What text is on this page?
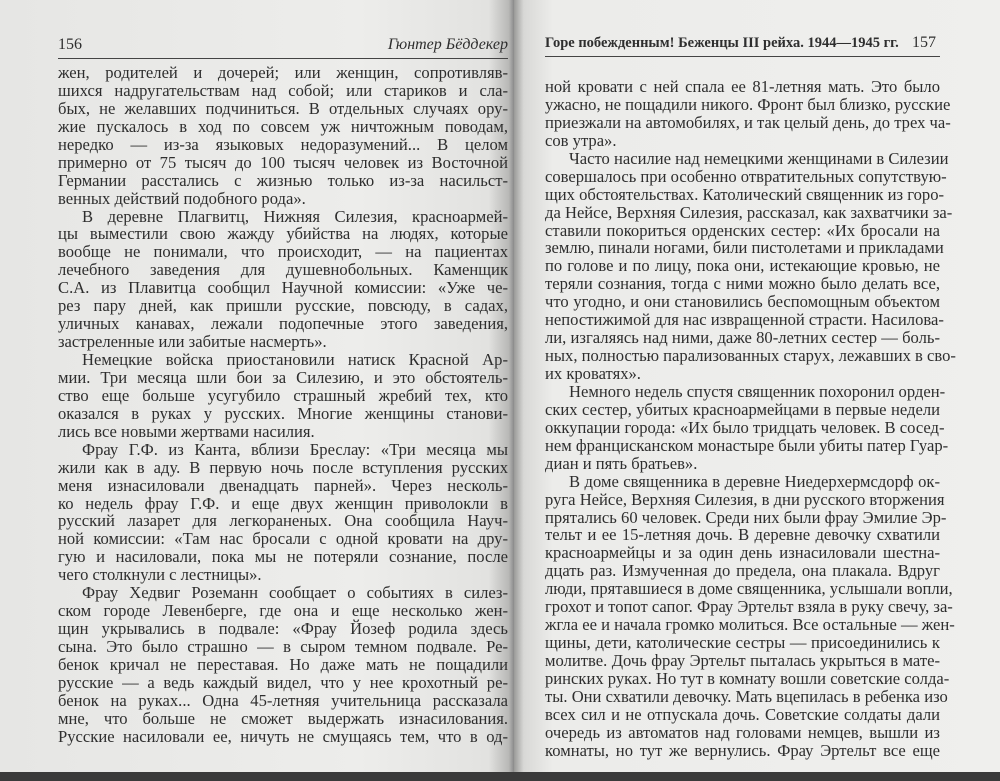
156	Гюнтер Бёддекер
жен, родителей и дочерей; или женщин, сопротивляв-
шихся надругательствам над собой; или стариков и сла-
бых, не желавших подчиниться. В отдельных случаях ору-
жие пускалось в ход по совсем уж ничтожным поводам,
нередко — из-за языковых недоразумений... В целом
примерно от 75 тысяч до 100 тысяч человек из Восточной
Германии расстались с жизнью только из-за насильст-
венных действий подобного рода».
В деревне Плагвитц, Нижняя Силезия, красноармей-
цы выместили свою жажду убийства на людях, которые
вообще не понимали, что происходит, — на пациентах
лечебного заведения для душевнобольных. Каменщик
С.А. из Плавитца сообщил Научной комиссии: «Уже че-
рез пару дней, как пришли русские, повсюду, в садах,
уличных канавах, лежали подопечные этого заведения,
застреленные или забитые насмерть».
Немецкие войска приостановили натиск Красной Ар-
мии. Три месяца шли бои за Силезию, и это обстоятель-
ство еще больше усугубило страшный жребий тех, кто
оказался в руках у русских. Многие женщины станови-
лись все новыми жертвами насилия.
Фрау Г.Ф. из Канта, вблизи Бреслау: «Три месяца мы
жили как в аду. В первую ночь после вступления русских
меня изнасиловали двенадцать парней». Через несколь-
ко недель фрау Г.Ф. и еще двух женщин приволокли в
русский лазарет для легкораненых. Она сообщила Науч-
ной комиссии: «Там нас бросали с одной кровати на дру-
гую и насиловали, пока мы не потеряли сознание, после
чего столкнули с лестницы».
Фрау Хедвиг Роземанн сообщает о событиях в силез-
ском городе Левенберге, где она и еще несколько жен-
щин укрывались в подвале: «Фрау Йозеф родила здесь
сына. Это было страшно — в сыром темном подвале. Ре-
бенок кричал не переставая. Но даже мать не пощадили
русские — а ведь каждый видел, что у нее крохотный ре-
бенок на руках... Одна 45-летняя учительница рассказала
мне, что больше не сможет выдержать изнасилования.
Русские насиловали ее, ничуть не смущаясь тем, что в од-
Горе побежденным! Беженцы III рейха. 1944—1945 гг. 157
ной кровати с ней спала ее 81-летняя мать. Это было
ужасно, не пощадили никого. Фронт был близко, русские
приезжали на автомобилях, и так целый день, до трех ча-
сов утра».
Часто насилие над немецкими женщинами в Силезии
совершалось при особенно отвратительных сопутствую-
щих обстоятельствах. Католический священник из горо-
да Нейсе, Верхняя Силезия, рассказал, как захватчики за-
ставили покориться орденских сестер: «Их бросали на
землю, пинали ногами, били пистолетами и прикладами
по голове и по лицу, пока они, истекающие кровью, не
теряли сознания, тогда с ними можно было делать все,
что угодно, и они становились беспомощным объектом
непостижимой для нас извращенной страсти. Насилова-
ли, изгаляясь над ними, даже 80-летних сестер — боль-
ных, полностью парализованных старух, лежавших в сво-
их кроватях».
Немного недель спустя священник похоронил орден-
ских сестер, убитых красноармейцами в первые недели
оккупации города: «Их было тридцать человек. В сосед-
нем францисканском монастыре были убиты патер Гуар-
диан и пять братьев».
В доме священника в деревне Ниедерхермсдорф ок-
руга Нейсе, Верхняя Силезия, в дни русского вторжения
прятались 60 человек. Среди них были фрау Эмилие Эр-
тельт и ее 15-летняя дочь. В деревне девочку схватили
красноармейцы и за один день изнасиловали шестна-
дцать раз. Измученная до предела, она плакала. Вдруг
люди, прятавшиеся в доме священника, услышали вопли,
грохот и топот сапог. Фрау Эртельт взяла в руку свечу, за-
жгла ее и начала громко молиться. Все остальные — жен-
щины, дети, католические сестры — присоединились к
молитве. Дочь фрау Эртельт пыталась укрыться в мате-
ринских руках. Но тут в комнату вошли советские солда-
ты. Они схватили девочку. Мать вцепилась в ребенка изо
всех сил и не отпускала дочь. Советские солдаты дали
очередь из автоматов над головами немцев, вышли из
комнаты, но тут же вернулись. Фрау Эртельт все еще
